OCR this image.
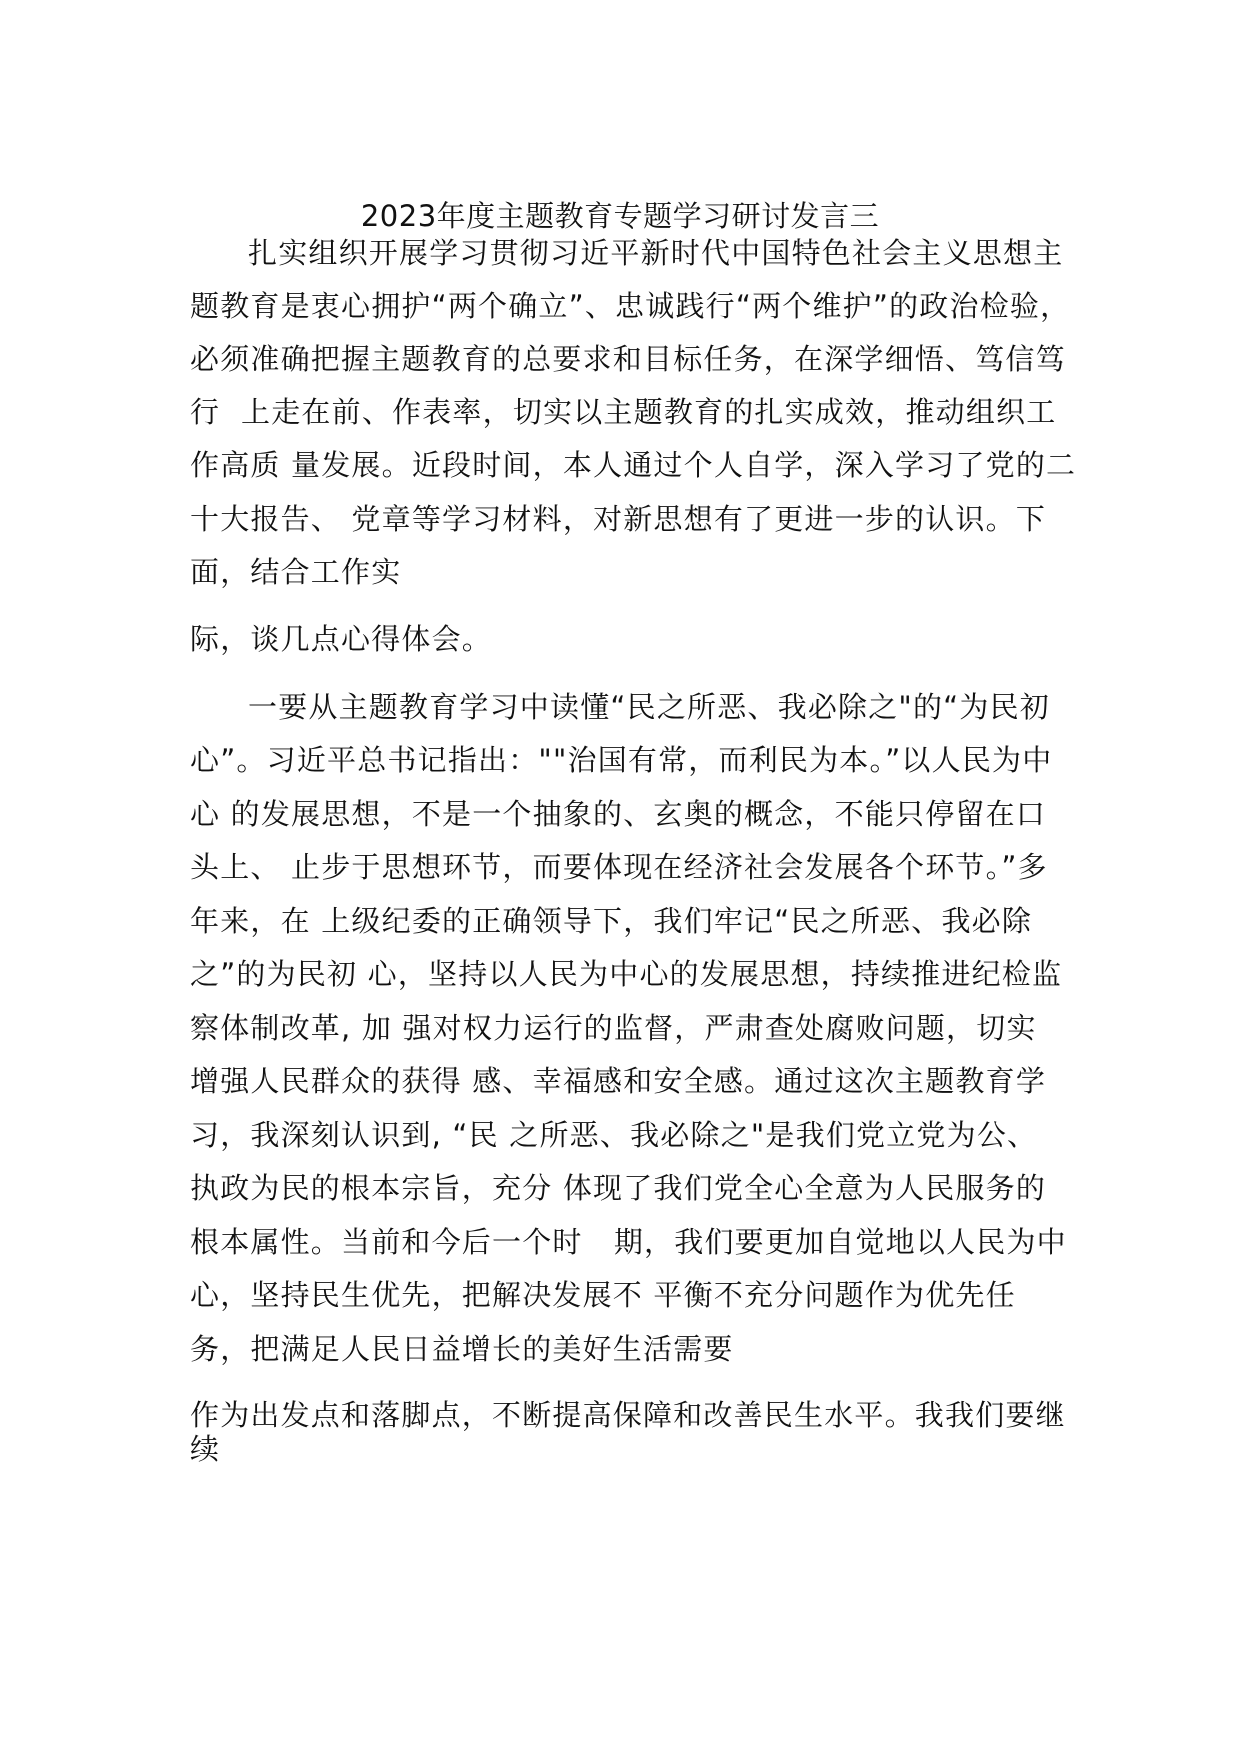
2023年度主题教育专题学习研讨发言三
扎实组织开展学习贯彻习近平新时代中国特色社会主义思想主
题教育是衷心拥护“两个确立”、忠诚践行“两个维护”的政治检验，
必须准确把握主题教育的总要求和目标任务，在深学细悟、笃信笃
行  上走在前、作表率，切实以主题教育的扎实成效，推动组织工
作高质 量发展。近段时间，本人通过个人自学，深入学习了党的二
十大报告、 党章等学习材料，对新思想有了更进一步的认识。下
面，结合工作实
际，谈几点心得体会。
一要从主题教育学习中读懂“民之所恶、我必除之"的“为民初
心”。习近平总书记指出：""治国有常，而利民为本。”以人民为中
心 的发展思想，不是一个抽象的、玄奥的概念，不能只停留在口
头上、 止步于思想环节，而要体现在经济社会发展各个环节。”多
年来，在 上级纪委的正确领导下，我们牢记“民之所恶、我必除
之”的为民初 心，坚持以人民为中心的发展思想，持续推进纪检监
察体制改革, 加 强对权力运行的监督，严肃查处腐败问题，切实
增强人民群众的获得 感、幸福感和安全感。通过这次主题教育学
习，我深刻认识到, “民 之所恶、我必除之"是我们党立党为公、
执政为民的根本宗旨，充分 体现了我们党全心全意为人民服务的
根本属性。当前和今后一个时   期，我们要更加自觉地以人民为中
心，坚持民生优先，把解决发展不 平衡不充分问题作为优先任
务，把满足人民日益增长的美好生活需要
作为出发点和落脚点，不断提高保障和改善民生水平。我我们要继
续
